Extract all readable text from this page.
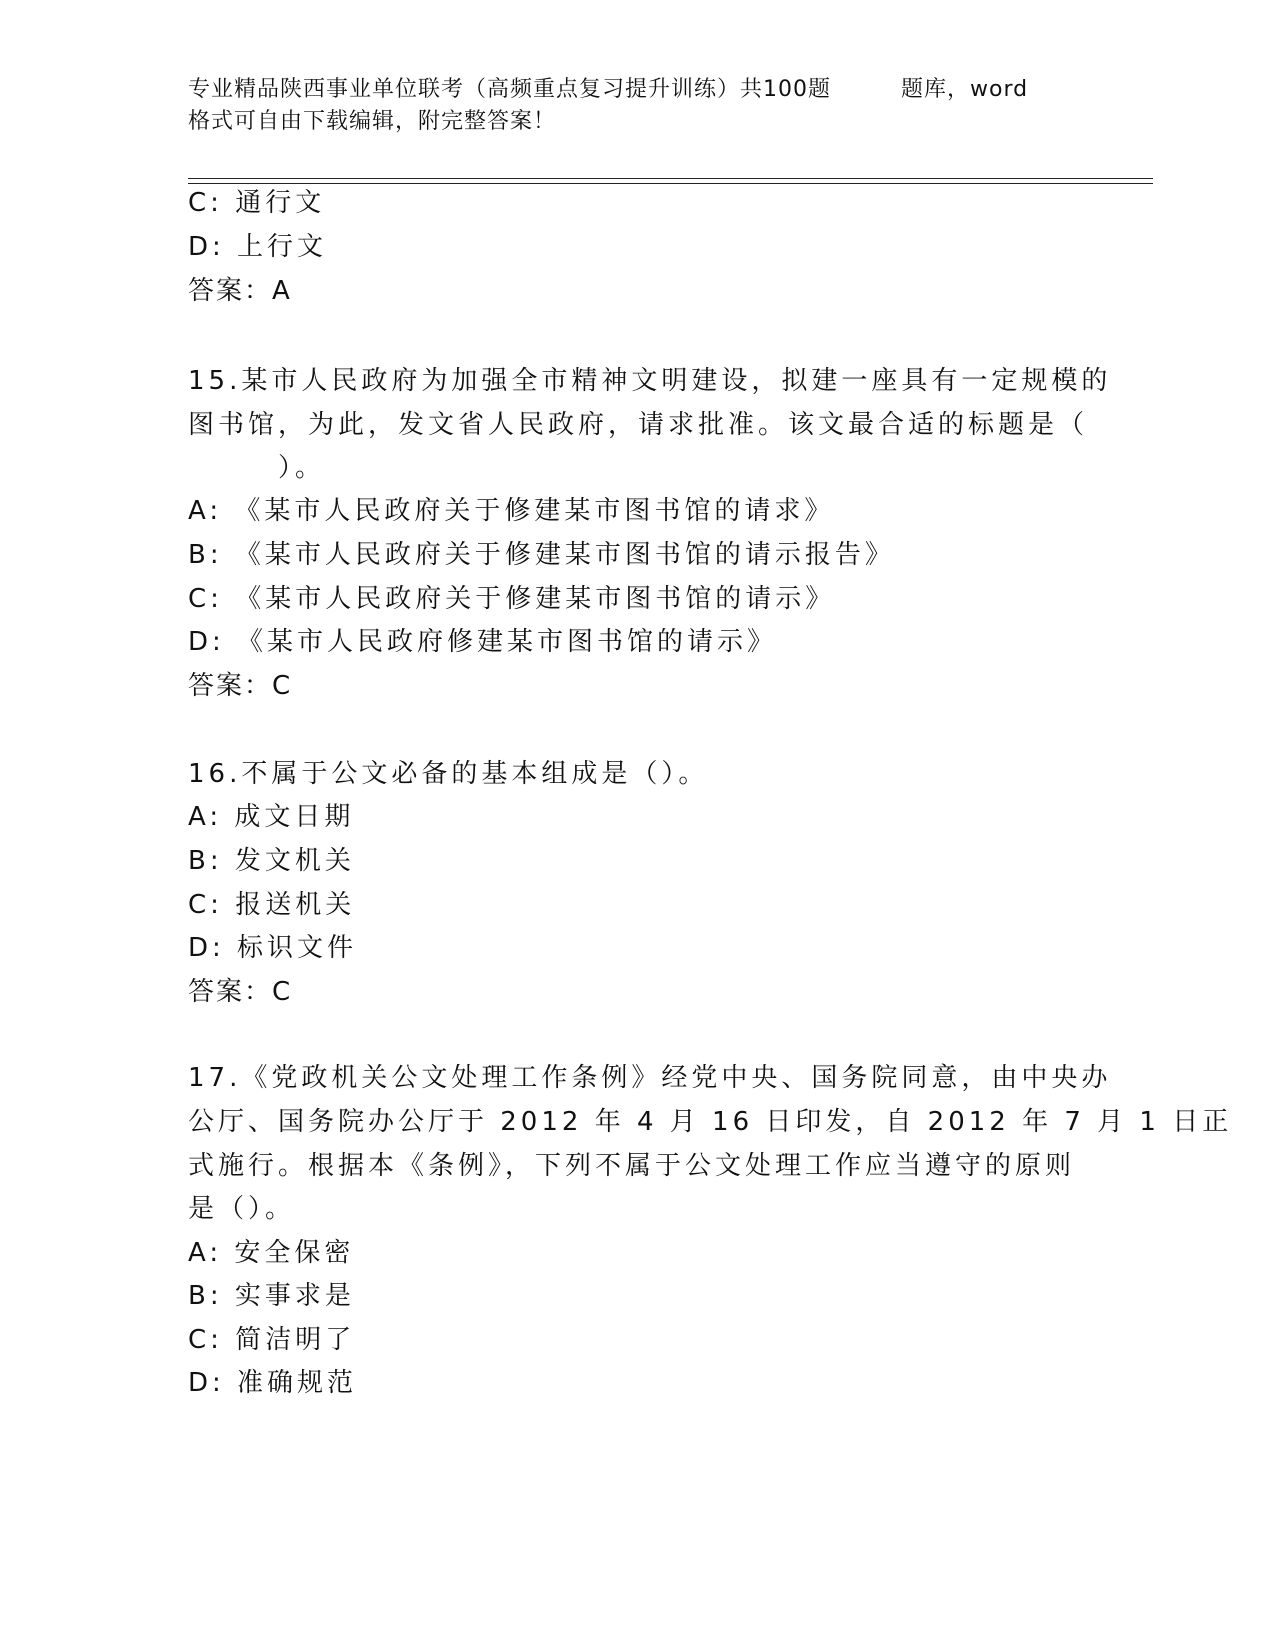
专业精品陕西事业单位联考（高频重点复习提升训练）共100题	题库，word
格式可自由下载编辑，附完整答案！
C: 通行文
D: 上行文
答案：A
15.某市人民政府为加强全市精神文明建设，拟建一座具有一定规模的
图书馆，为此，发文省人民政府，请求批准。该文最合适的标题是（
）。
A: 《某市人民政府关于修建某市图书馆的请求》
B: 《某市人民政府关于修建某市图书馆的请示报告》
C: 《某市人民政府关于修建某市图书馆的请示》
D: 《某市人民政府修建某市图书馆的请示》
答案：C
16.不属于公文必备的基本组成是（）。
A: 成文日期
B: 发文机关
C: 报送机关
D: 标识文件
答案：C
17.《党政机关公文处理工作条例》经党中央、国务院同意，由中央办
公厅、国务院办公厅于 2012 年 4 月 16 日印发，自 2012 年 7 月 1 日正
式施行。根据本《条例》，下列不属于公文处理工作应当遵守的原则
是（）。
A: 安全保密
B: 实事求是
C: 简洁明了
D: 准确规范
